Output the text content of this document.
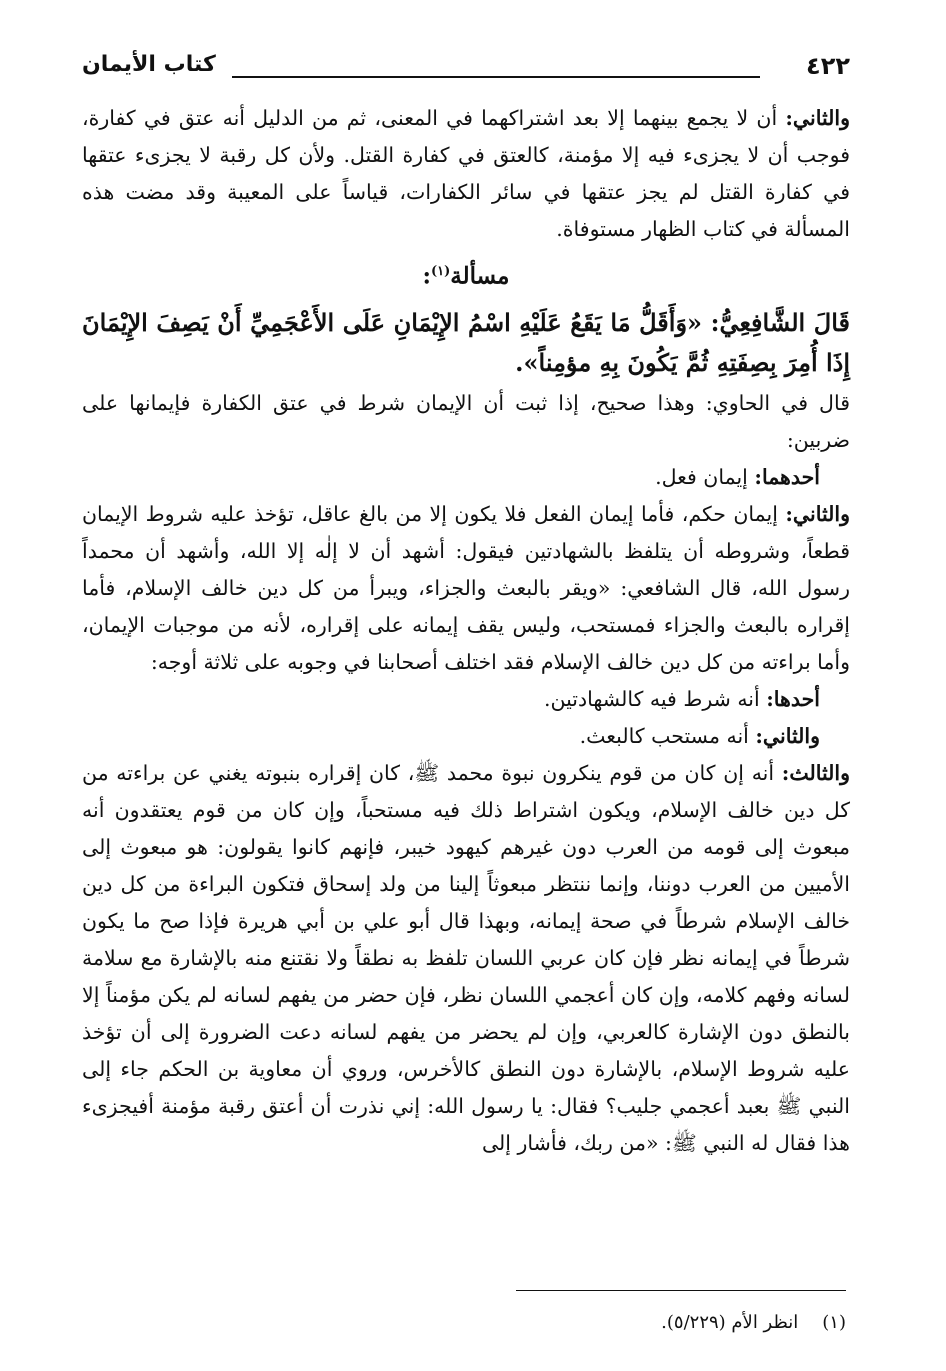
٤٢٢
كتاب الأيمان

والثاني: أن لا يجمع بينهما إلا بعد اشتراكهما في المعنى، ثم من الدليل أنه عتق في كفارة، فوجب أن لا يجزىء فيه إلا مؤمنة، كالعتق في كفارة القتل. ولأن كل رقبة لا يجزىء عتقها في كفارة القتل لم يجز عتقها في سائر الكفارات، قياساً على المعيبة وقد مضت هذه المسألة في كتاب الظهار مستوفاة.

مسألة$^{(١)}$:

قَالَ الشَّافِعِيُّ: «وَأَقَلُّ مَا يَقَعُ عَلَيْهِ اسْمُ الإِيْمَانِ عَلَى الأَعْجَمِيِّ أَنْ يَصِفَ الإِيْمَانَ إِذَا أُمِرَ بِصِفَتِهِ ثُمَّ يَكُونَ بِهِ مؤمِناً».

قال في الحاوي: وهذا صحيح، إذا ثبت أن الإيمان شرط في عتق الكفارة فإيمانها على ضربين:

أحدهما: إيمان فعل.

والثاني: إيمان حكم، فأما إيمان الفعل فلا يكون إلا من بالغ عاقل، تؤخذ عليه شروط الإيمان قطعاً، وشروطه أن يتلفظ بالشهادتين فيقول: أشهد أن لا إلٰه إلا الله، وأشهد أن محمداً رسول الله، قال الشافعي: «ويقر بالبعث والجزاء، ويبرأ من كل دين خالف الإسلام، فأما إقراره بالبعث والجزاء فمستحب، وليس يقف إيمانه على إقراره، لأنه من موجبات الإيمان، وأما براءته من كل دين خالف الإسلام فقد اختلف أصحابنا في وجوبه على ثلاثة أوجه:

أحدها: أنه شرط فيه كالشهادتين.

والثاني: أنه مستحب كالبعث.

والثالث: أنه إن كان من قوم ينكرون نبوة محمد ﷺ، كان إقراره بنبوته يغني عن براءته من كل دين خالف الإسلام، ويكون اشتراط ذلك فيه مستحباً، وإن كان من قوم يعتقدون أنه مبعوث إلى قومه من العرب دون غيرهم كيهود خيبر، فإنهم كانوا يقولون: هو مبعوث إلى الأميين من العرب دوننا، وإنما ننتظر مبعوثاً إلينا من ولد إسحاق فتكون البراءة من كل دين خالف الإسلام شرطاً في صحة إيمانه، وبهذا قال أبو علي بن أبي هريرة فإذا صح ما يكون شرطاً في إيمانه نظر فإن كان عربي اللسان تلفظ به نطقاً ولا نقتنع منه بالإشارة مع سلامة لسانه وفهم كلامه، وإن كان أعجمي اللسان نظر، فإن حضر من يفهم لسانه لم يكن مؤمناً إلا بالنطق دون الإشارة كالعربي، وإن لم يحضر من يفهم لسانه دعت الضرورة إلى أن تؤخذ عليه شروط الإسلام، بالإشارة دون النطق كالأخرس، وروي أن معاوية بن الحكم جاء إلى النبي ﷺ بعبد أعجمي جليب؟ فقال: يا رسول الله: إني نذرت أن أعتق رقبة مؤمنة أفيجزىء هذا فقال له النبي ﷺ: «من ربك، فأشار إلى

(١)انظر الأم (٥/٢٢٩).
